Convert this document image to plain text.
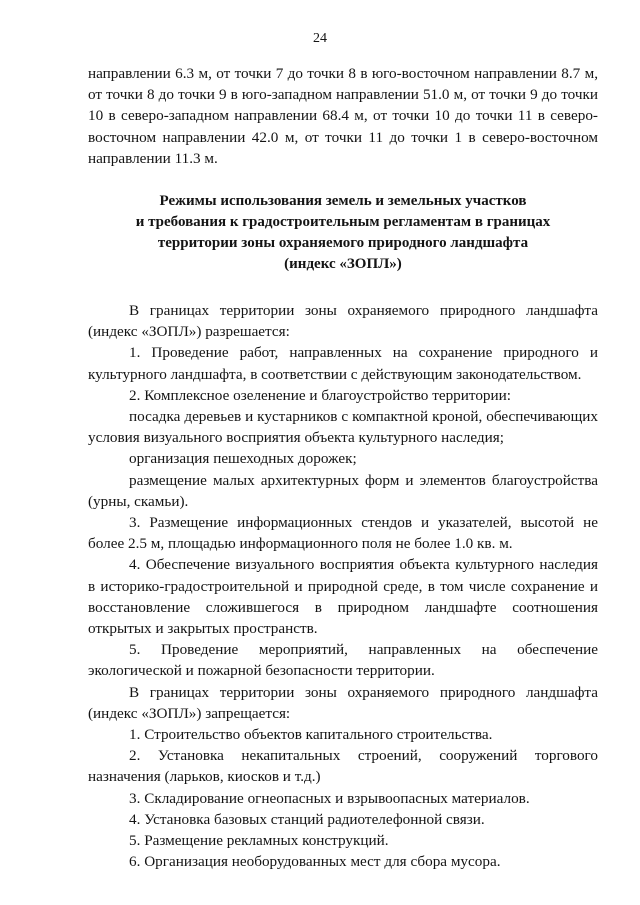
24

направлении 6.3 м, от точки 7 до точки 8 в юго-восточном направлении 8.7 м, от точки 8 до точки 9 в юго-западном направлении 51.0 м, от точки 9 до точки 10 в северо-западном направлении 68.4 м, от точки 10 до точки 11 в северо-восточном направлении 42.0 м, от точки 11 до точки 1 в северо-восточном направлении 11.3 м.

Режимы использования земель и земельных участков
и требования к градостроительным регламентам в границах
территории зоны охраняемого природного ландшафта
(индекс «ЗОПЛ»)

В границах территории зоны охраняемого природного ландшафта (индекс «ЗОПЛ») разрешается:

1. Проведение работ, направленных на сохранение природного и культурного ландшафта, в соответствии с действующим законодательством.

2. Комплексное озеленение и благоустройство территории:

посадка деревьев и кустарников с компактной кроной, обеспечивающих условия визуального восприятия объекта культурного наследия;

организация пешеходных дорожек;

размещение малых архитектурных форм и элементов благоустройства (урны, скамьи).

3. Размещение информационных стендов и указателей, высотой не более 2.5 м, площадью информационного поля не более 1.0 кв. м.

4. Обеспечение визуального восприятия объекта культурного наследия в историко-градостроительной и природной среде, в том числе сохранение и восстановление сложившегося в природном ландшафте соотношения открытых и закрытых пространств.

5. Проведение мероприятий, направленных на обеспечение экологической и пожарной безопасности территории.

В границах территории зоны охраняемого природного ландшафта (индекс «ЗОПЛ») запрещается:

1. Строительство объектов капитального строительства.

2. Установка некапитальных строений, сооружений торгового назначения (ларьков, киосков и т.д.)

3. Складирование огнеопасных и взрывоопасных материалов.

4. Установка базовых станций радиотелефонной связи.

5. Размещение рекламных конструкций.

6. Организация необорудованных мест для сбора мусора.
